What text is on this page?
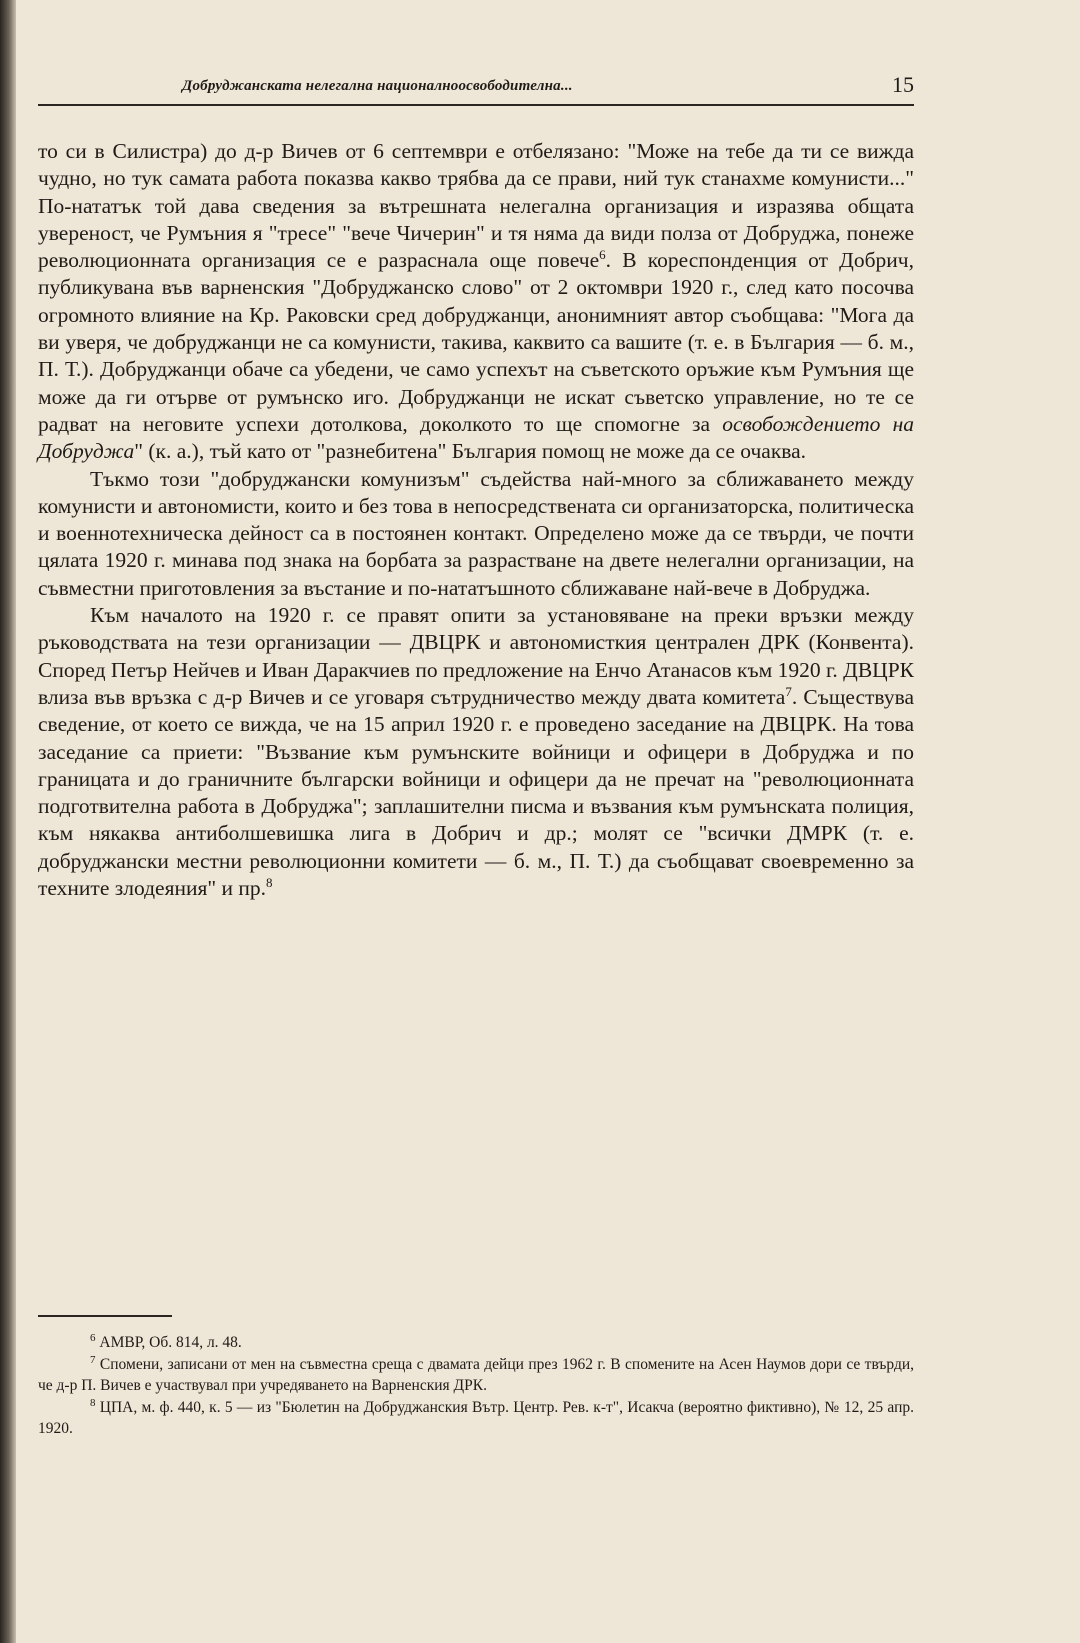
Добруджанската нелегална националноосвободителна...	15

то си в Силистра) до д-р Вичев от 6 септември е отбелязано: "Може на тебе да ти се вижда чудно, но тук самата работа показва какво трябва да се прави, ний тук станахме комунисти..." По-нататък той дава сведения за вътрешната нелегална организация и изразява общата увереност, че Румъния я "тресе" "вече Чичерин" и тя няма да види полза от Добруджа, понеже революционната организация се е разраснала още повече$^6$. В кореспонденция от Добрич, публикувана във варненския "Добруджанско слово" от 2 октомври 1920 г., след като посочва огромното влияние на Кр. Раковски сред добруджанци, анонимният автор съобщава: "Мога да ви уверя, че добруджанци не са комунисти, такива, каквито са вашите (т. е. в България — б. м., П. Т.). Добруджанци обаче са убедени, че само успехът на съветското оръжие към Румъния ще може да ги отърве от румънско иго. Добруджанци не искат съветско управление, но те се радват на неговите успехи дотолкова, доколкото то ще спомогне за освобождението на Добруджа" (к. а.), тъй като от "разнебитена" България помощ не може да се очаква.

Тъкмо този "добруджански комунизъм" съдейства най-много за сближаването между комунисти и автономисти, които и без това в непосредствената си организаторска, политическа и военнотехническа дейност са в постоянен контакт. Определено може да се твърди, че почти цялата 1920 г. минава под знака на борбата за разрастване на двете нелегални организации, на съвместни приготовления за въстание и по-нататъшното сближаване най-вече в Добруджа.

Към началото на 1920 г. се правят опити за установяване на преки връзки между ръководствата на тези организации — ДВЦРК и автономисткия централен ДРК (Конвента). Според Петър Нейчев и Иван Даракчиев по предложение на Енчо Атанасов към 1920 г. ДВЦРК влиза във връзка с д-р Вичев и се уговаря сътрудничество между двата комитета$^7$. Съществува сведение, от което се вижда, че на 15 април 1920 г. е проведено заседание на ДВЦРК. На това заседание са приети: "Възвание към румънските войници и офицери в Добруджа и по границата и до граничните български войници и офицери да не пречат на "революционната подготвителна работа в Добруджа"; заплашителни писма и възвания към румънската полиция, към някаква антиболшевишка лига в Добрич и др.; молят се "всички ДМРК (т. е. добруджански местни революционни комитети — б. м., П. Т.) да съобщават своевременно за техните злодеяния" и пр.$^8$

$^6$ АМВР, Об. 814, л. 48.

$^7$ Спомени, записани от мен на съвместна среща с двамата дейци през 1962 г. В спомените на Асен Наумов дори се твърди, че д-р П. Вичев е участвувал при учредяването на Варненския ДРК.

$^8$ ЦПА, м. ф. 440, к. 5 — из "Бюлетин на Добруджанския Вътр. Центр. Рев. к-т", Исакча (вероятно фиктивно), № 12, 25 апр. 1920.
